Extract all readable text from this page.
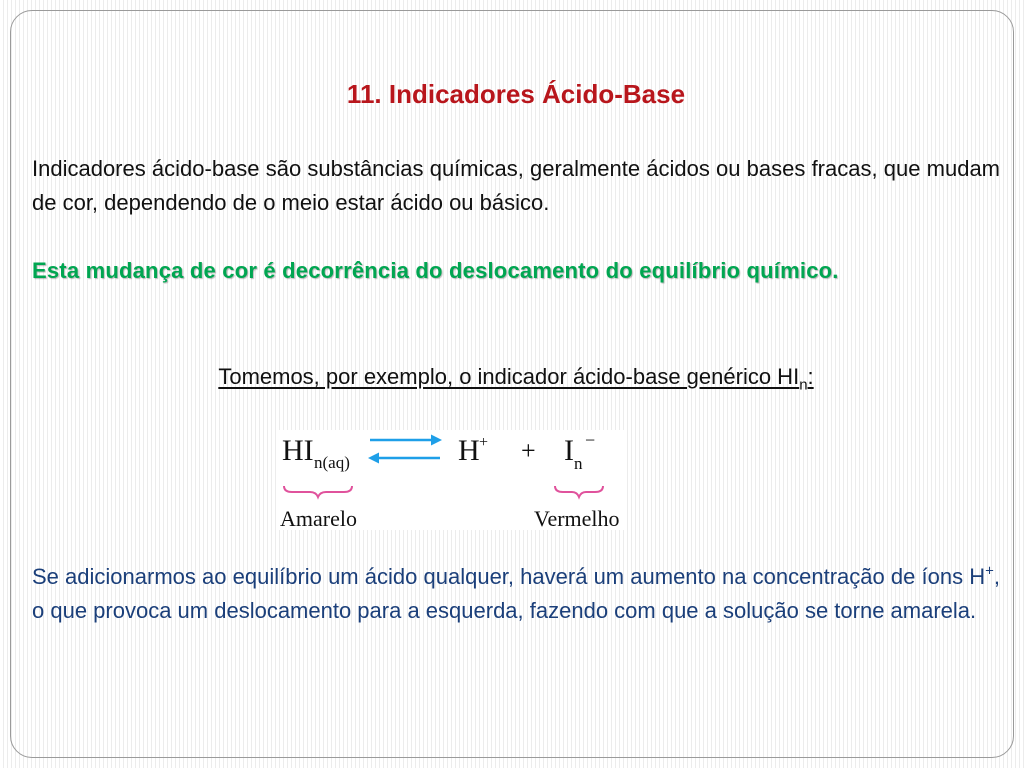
11. Indicadores Ácido-Base

Indicadores ácido-base são substâncias químicas, geralmente ácidos ou bases fracas, que mudam de cor, dependendo de o meio estar ácido ou básico.

Esta mudança de cor é decorrência do deslocamento do equilíbrio químico.

Tomemos, por exemplo, o indicador ácido-base genérico $HI_n$:

Se adicionarmos ao equilíbrio um ácido qualquer, haverá um aumento na concentração de íons H+, o que provoca um deslocamento para a esquerda, fazendo com que a solução se torne amarela.

HI n(aq)	H + + I n
−
Amarelo	Vermelho
